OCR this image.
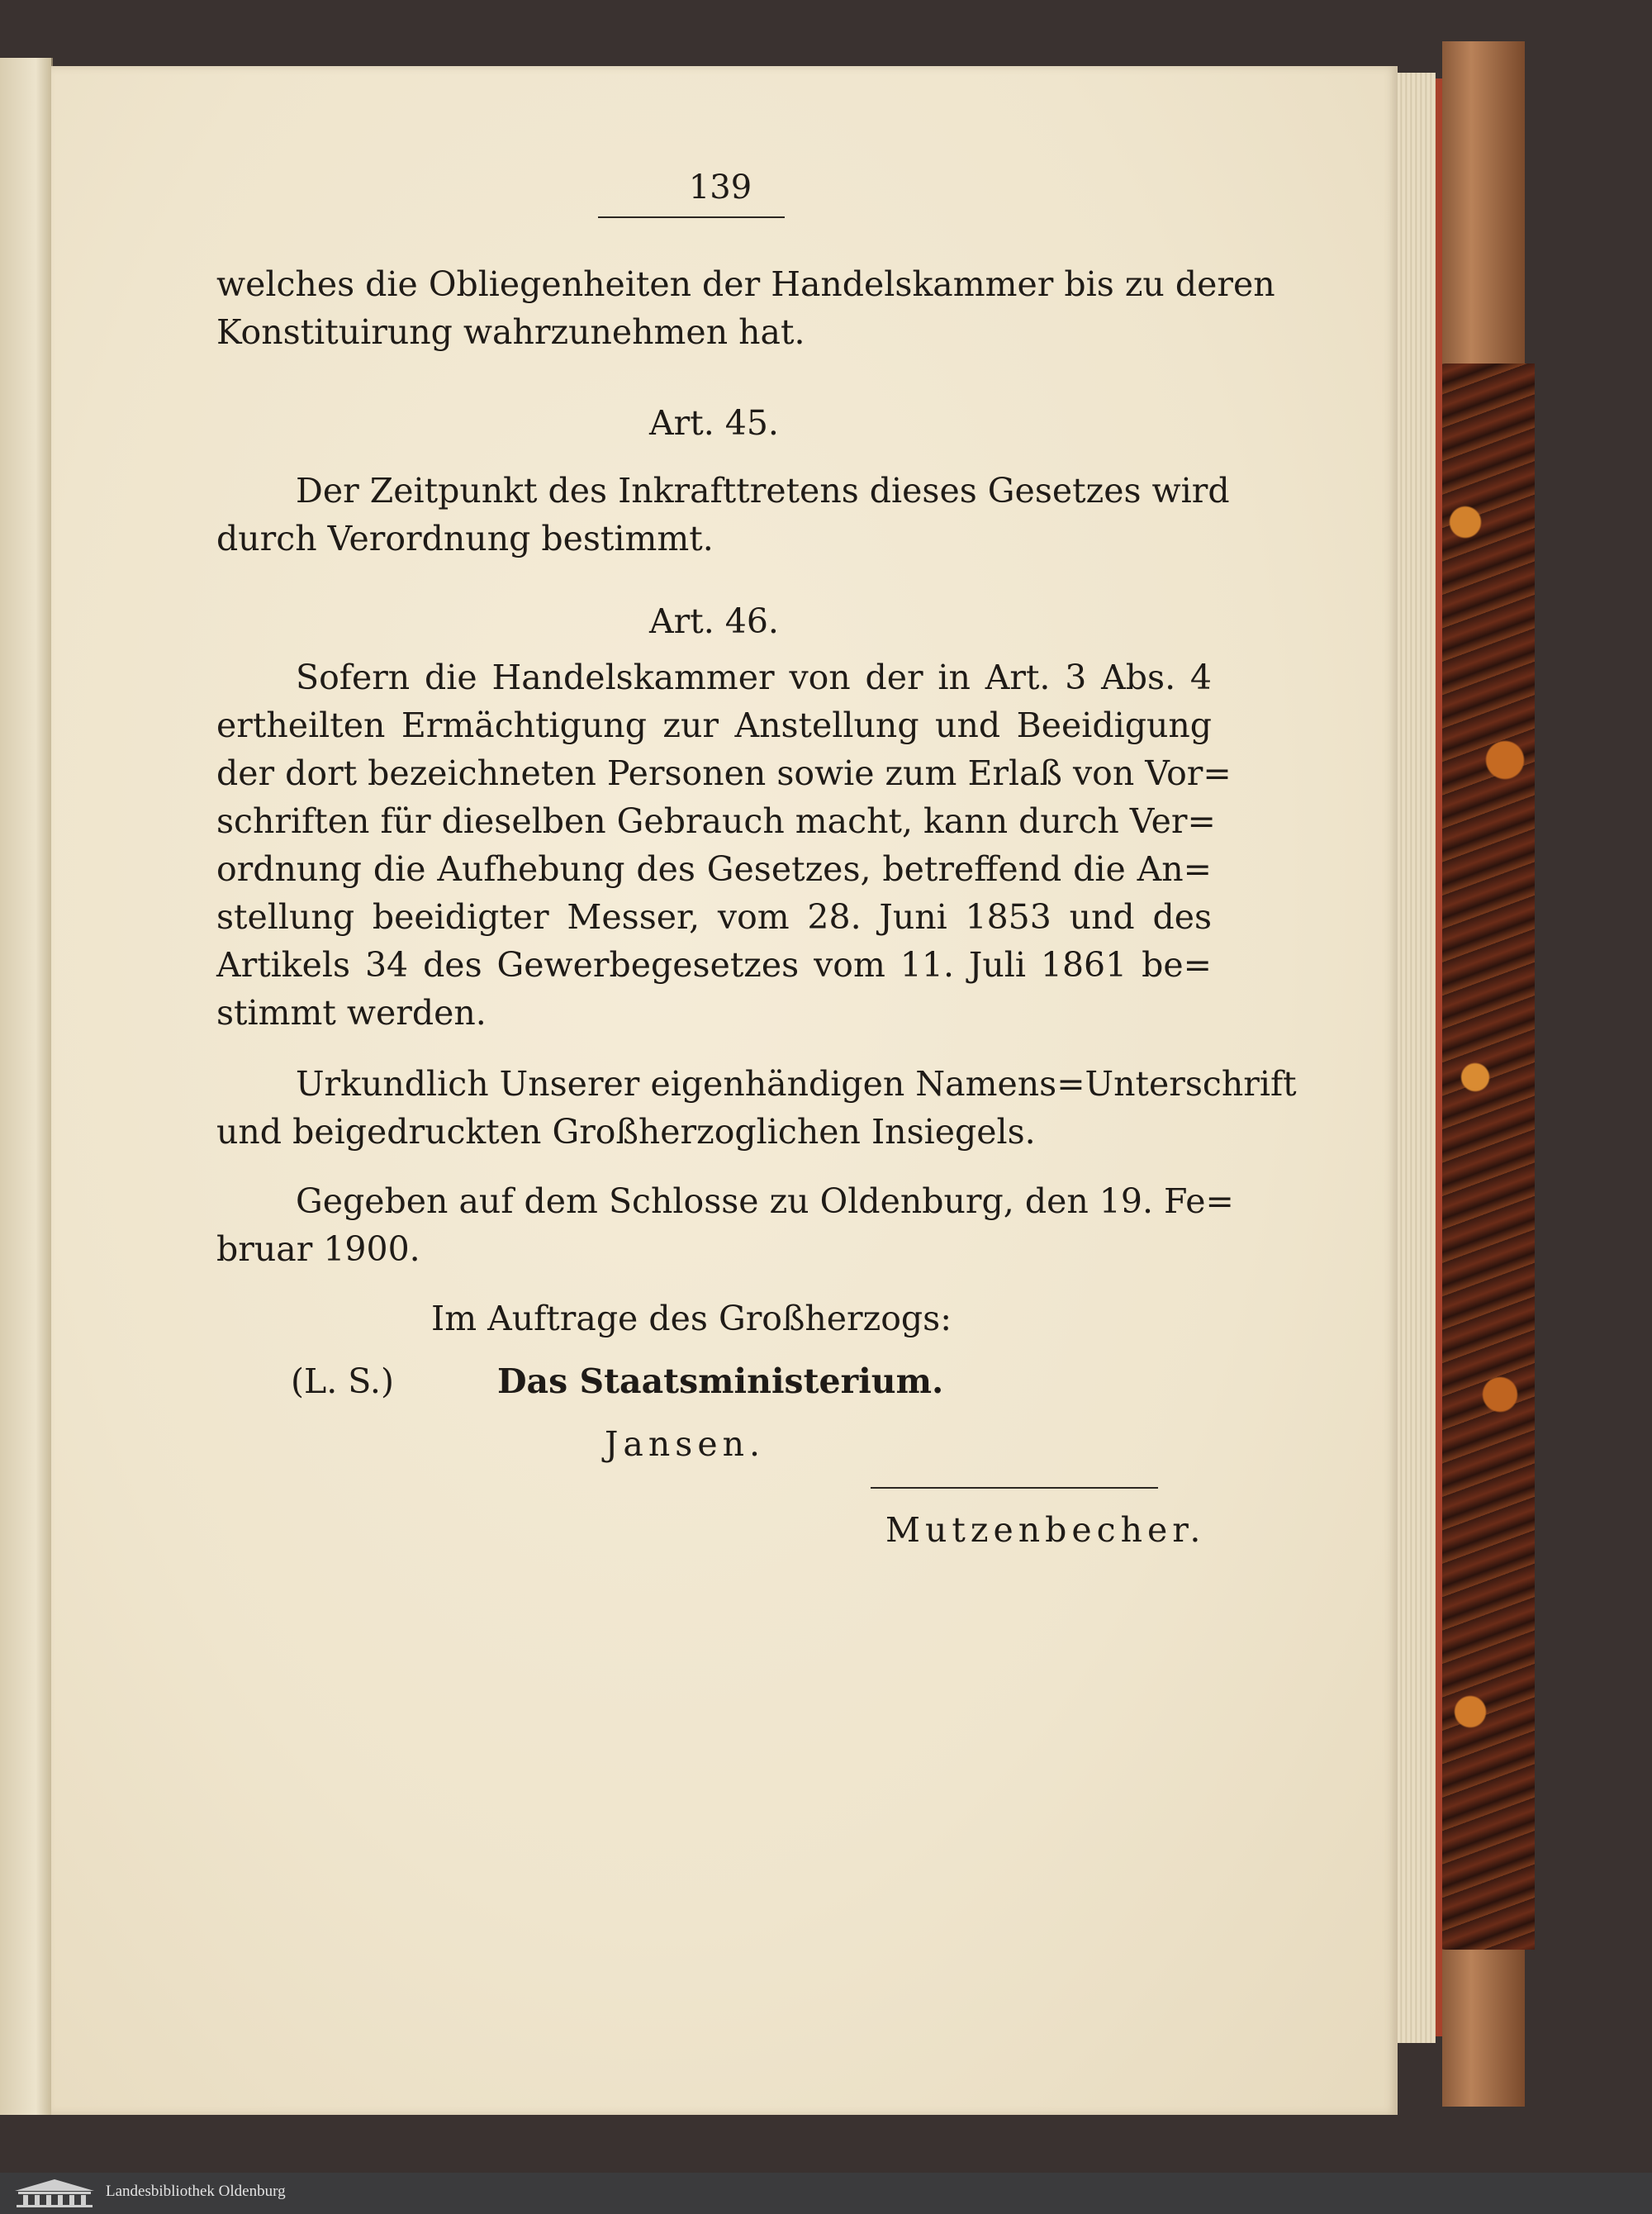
139
welches die Obliegenheiten der Handelskammer bis zu deren
Konstituirung wahrzunehmen hat.
Art. 45.
Der Zeitpunkt des Inkrafttretens dieses Gesetzes wird
durch Verordnung bestimmt.
Art. 46.
Sofern die Handelskammer von der in Art. 3 Abs. 4
ertheilten Ermächtigung zur Anstellung und Beeidigung
der dort bezeichneten Personen sowie zum Erlaß von Vor=
schriften für dieselben Gebrauch macht, kann durch Ver=
ordnung die Aufhebung des Gesetzes, betreffend die An=
stellung beeidigter Messer, vom 28. Juni 1853 und des
Artikels 34 des Gewerbegesetzes vom 11. Juli 1861 be=
stimmt werden.
Urkundlich Unserer eigenhändigen Namens=Unterschrift
und beigedruckten Großherzoglichen Insiegels.
Gegeben auf dem Schlosse zu Oldenburg, den 19. Fe=
bruar 1900.
Im Auftrage des Großherzogs:
(L. S.)	Das Staatsministerium.
Jansen.
Mutzenbecher.
Landesbibliothek Oldenburg
